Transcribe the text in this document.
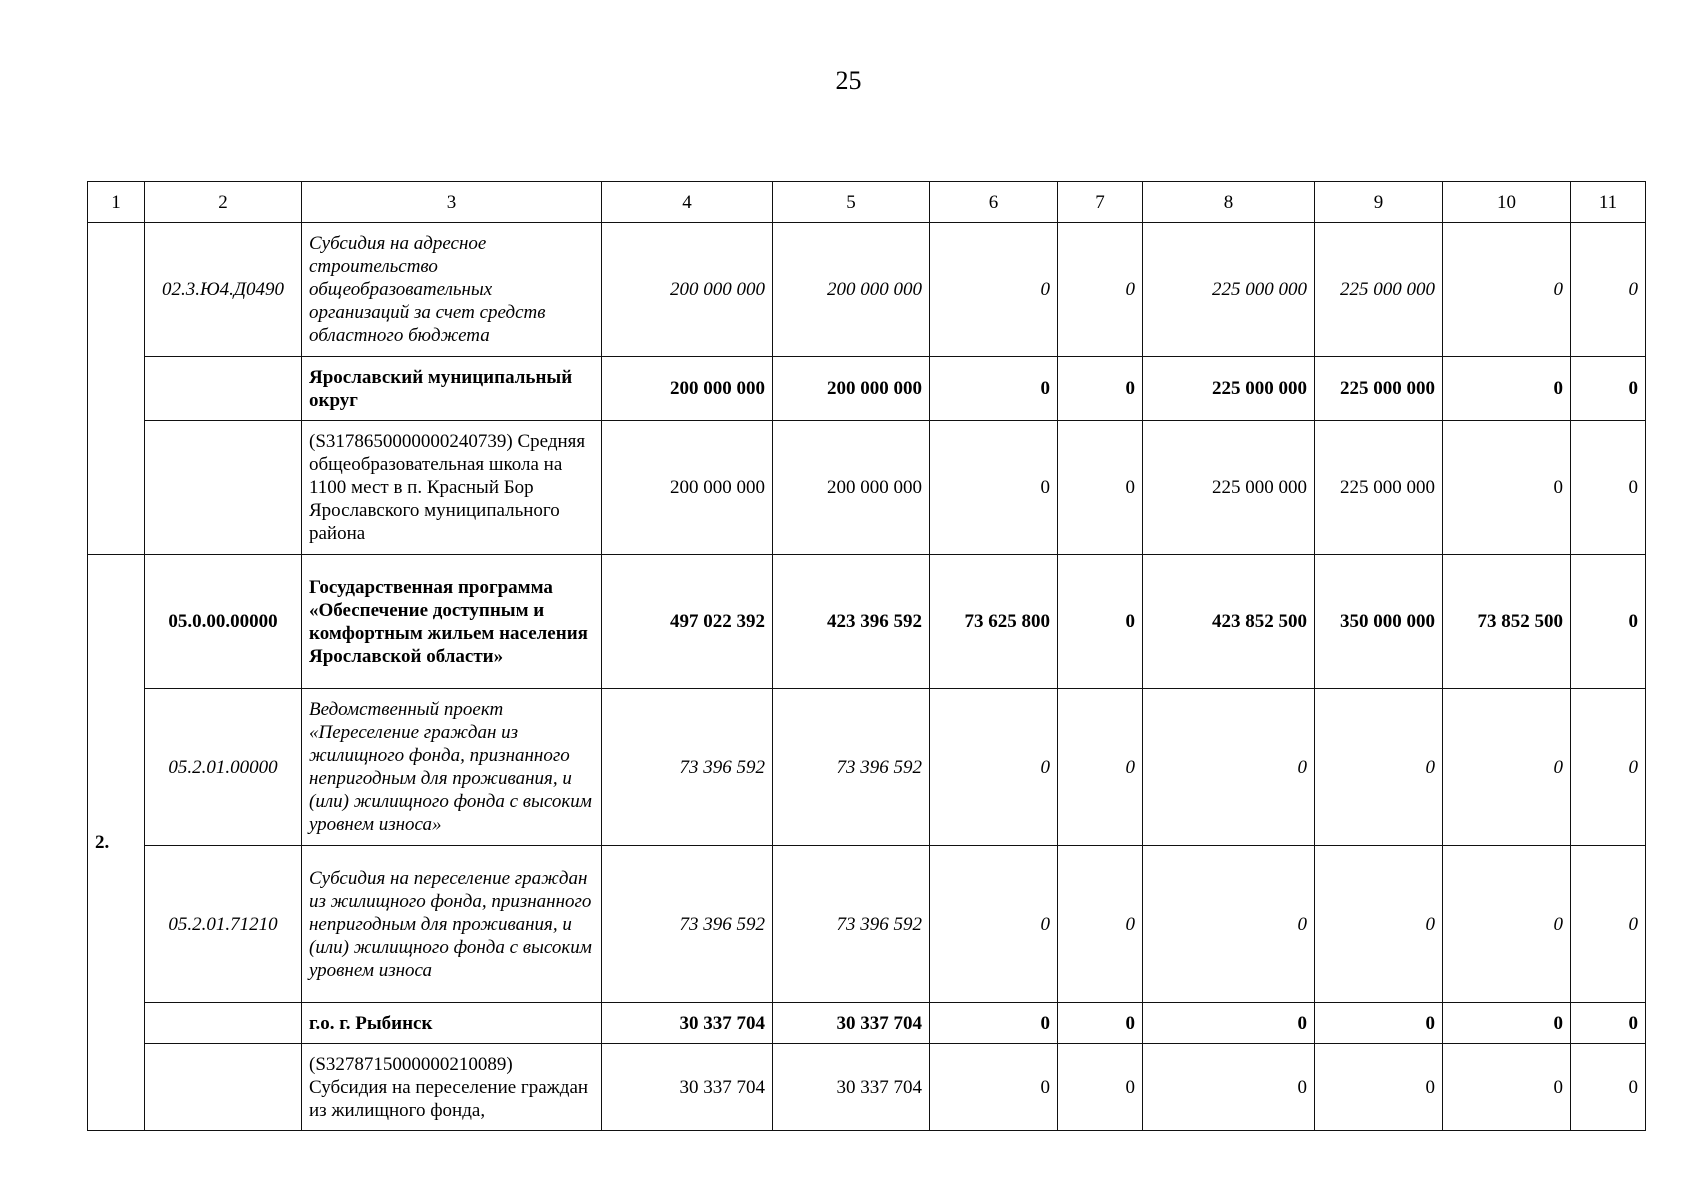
25
1	2	3	4	5	6	7	8	9	10	11
	02.3.Ю4.Д0490	Субсидия на адресное строительство общеобразовательных организаций за счет средств областного бюджета	200 000 000	200 000 000	0	0	225 000 000	225 000 000	0	0
		Ярославский муниципальный округ	200 000 000	200 000 000	0	0	225 000 000	225 000 000	0	0
		(S3178650000000240739) Средняя общеобразовательная школа на 1100 мест в п. Красный Бор Ярославского муниципального района	200 000 000	200 000 000	0	0	225 000 000	225 000 000	0	0
2.	05.0.00.00000	Государственная программа «Обеспечение доступным и комфортным жильем населения Ярославской области»	497 022 392	423 396 592	73 625 800	0	423 852 500	350 000 000	73 852 500	0
	05.2.01.00000	Ведомственный проект «Переселение граждан из жилищного фонда, признанного непригодным для проживания, и (или) жилищного фонда с высоким уровнем износа»	73 396 592	73 396 592	0	0	0	0	0	0
	05.2.01.71210	Субсидия на переселение граждан из жилищного фонда, признанного непригодным для проживания, и (или) жилищного фонда с высоким уровнем износа	73 396 592	73 396 592	0	0	0	0	0	0
		г.о. г. Рыбинск	30 337 704	30 337 704	0	0	0	0	0	0
		(S3278715000000210089) Субсидия на переселение граждан из жилищного фонда,	30 337 704	30 337 704	0	0	0	0	0	0
